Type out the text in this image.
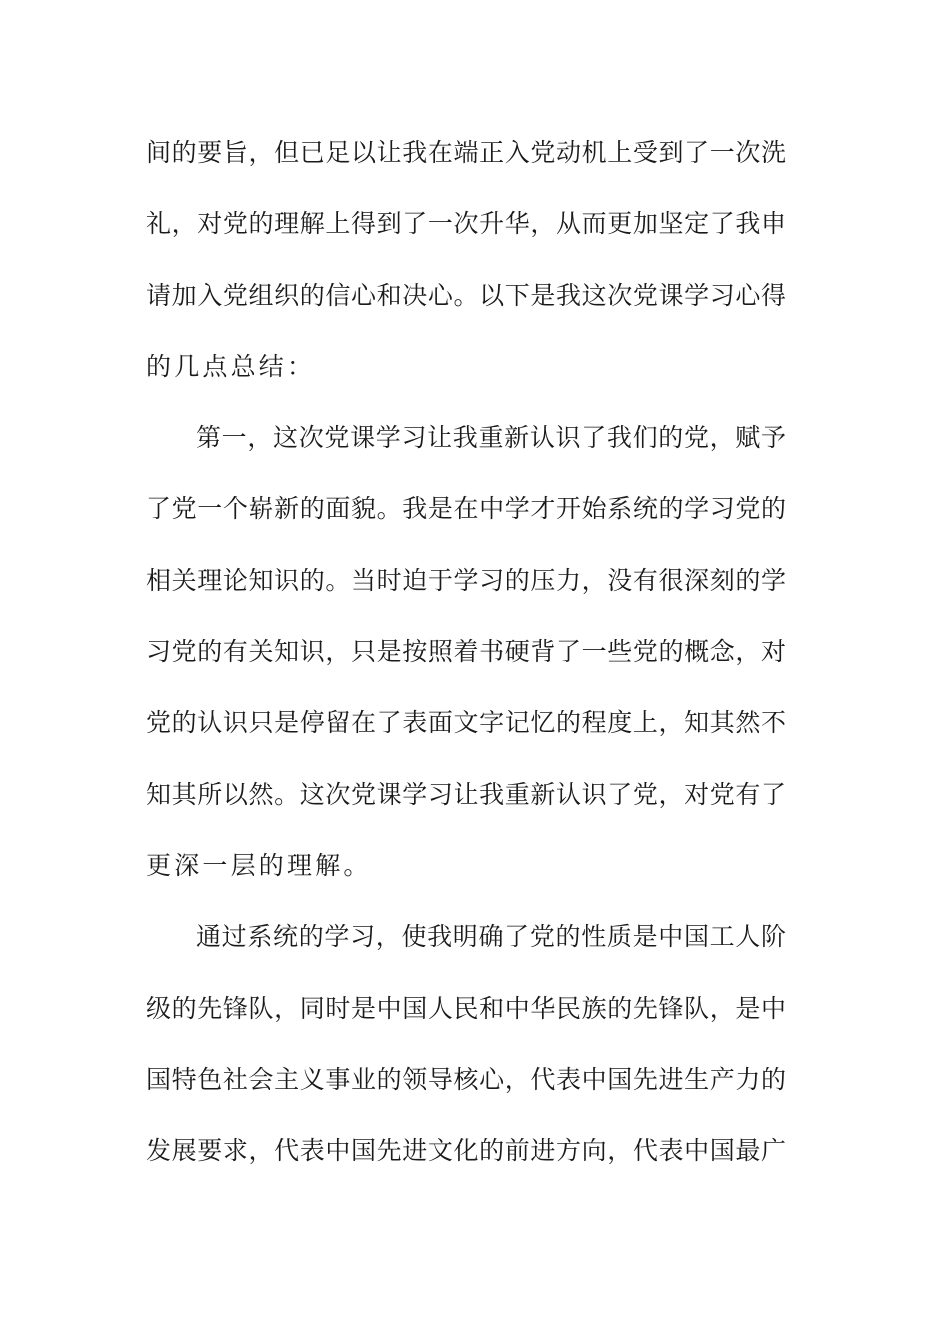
间的要旨，但已足以让我在端正入党动机上受到了一次洗
礼，对党的理解上得到了一次升华，从而更加坚定了我申
请加入党组织的信心和决心。以下是我这次党课学习心得
的几点总结：
第一，这次党课学习让我重新认识了我们的党，赋予
了党一个崭新的面貌。我是在中学才开始系统的学习党的
相关理论知识的。当时迫于学习的压力，没有很深刻的学
习党的有关知识，只是按照着书硬背了一些党的概念，对
党的认识只是停留在了表面文字记忆的程度上，知其然不
知其所以然。这次党课学习让我重新认识了党，对党有了
更深一层的理解。
通过系统的学习，使我明确了党的性质是中国工人阶
级的先锋队，同时是中国人民和中华民族的先锋队，是中
国特色社会主义事业的领导核心，代表中国先进生产力的
发展要求，代表中国先进文化的前进方向，代表中国最广
